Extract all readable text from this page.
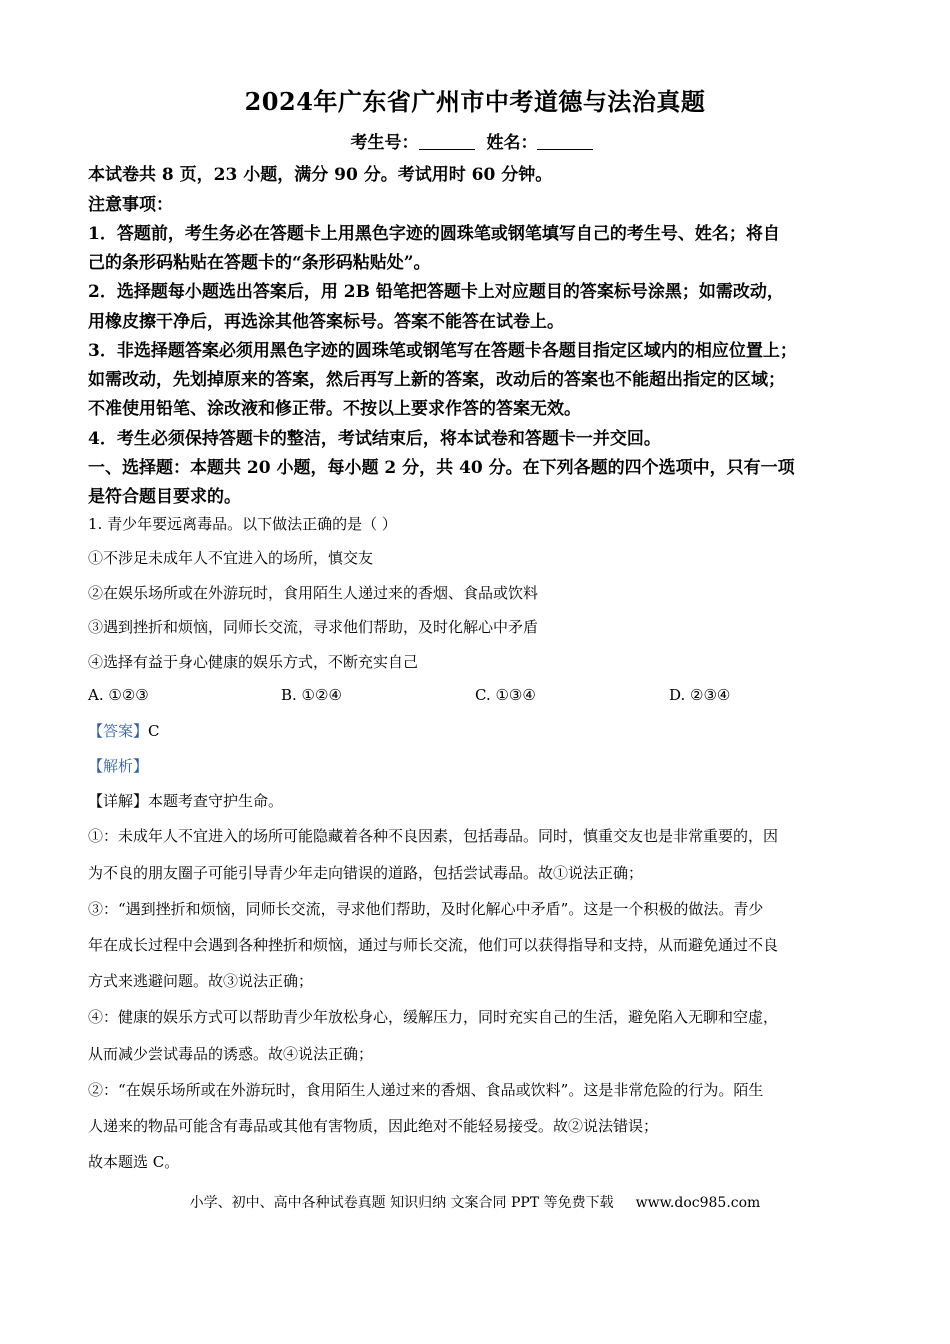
2024年广东省广州市中考道德与法治真题
考生号：	姓名：
本试卷共 8 页，23 小题，满分 90 分。考试用时 60 分钟。
注意事项：
1．答题前，考生务必在答题卡上用黑色字迹的圆珠笔或钢笔填写自己的考生号、姓名；将自
己的条形码粘贴在答题卡的“条形码粘贴处”。
2．选择题每小题选出答案后，用 2B 铅笔把答题卡上对应题目的答案标号涂黑；如需改动，
用橡皮擦干净后，再选涂其他答案标号。答案不能答在试卷上。
3．非选择题答案必须用黑色字迹的圆珠笔或钢笔写在答题卡各题目指定区域内的相应位置上；
如需改动，先划掉原来的答案，然后再写上新的答案，改动后的答案也不能超出指定的区域；
不准使用铅笔、涂改液和修正带。不按以上要求作答的答案无效。
4．考生必须保持答题卡的整洁，考试结束后，将本试卷和答题卡一并交回。
一、选择题：本题共 20 小题，每小题 2 分，共 40 分。在下列各题的四个选项中，只有一项
是符合题目要求的。
1. 青少年要远离毒品。以下做法正确的是（ ）
①不涉足未成年人不宜进入的场所，慎交友
②在娱乐场所或在外游玩时，食用陌生人递过来的香烟、食品或饮料
③遇到挫折和烦恼，同师长交流，寻求他们帮助，及时化解心中矛盾
④选择有益于身心健康的娱乐方式，不断充实自己
A. ①②③	B. ①②④	C. ①③④	D. ②③④
【答案】C
【解析】
【详解】本题考查守护生命。
①：未成年人不宜进入的场所可能隐藏着各种不良因素，包括毒品。同时，慎重交友也是非常重要的，因
为不良的朋友圈子可能引导青少年走向错误的道路，包括尝试毒品。故①说法正确；
③：“遇到挫折和烦恼，同师长交流，寻求他们帮助，及时化解心中矛盾”。这是一个积极的做法。青少
年在成长过程中会遇到各种挫折和烦恼，通过与师长交流，他们可以获得指导和支持，从而避免通过不良
方式来逃避问题。故③说法正确；
④：健康的娱乐方式可以帮助青少年放松身心，缓解压力，同时充实自己的生活，避免陷入无聊和空虚，
从而减少尝试毒品的诱惑。故④说法正确；
②：“在娱乐场所或在外游玩时，食用陌生人递过来的香烟、食品或饮料”。这是非常危险的行为。陌生
人递来的物品可能含有毒品或其他有害物质，因此绝对不能轻易接受。故②说法错误；
故本题选 C。
小学、初中、高中各种试卷真题 知识归纳 文案合同 PPT 等免费下载 www.doc985.com
